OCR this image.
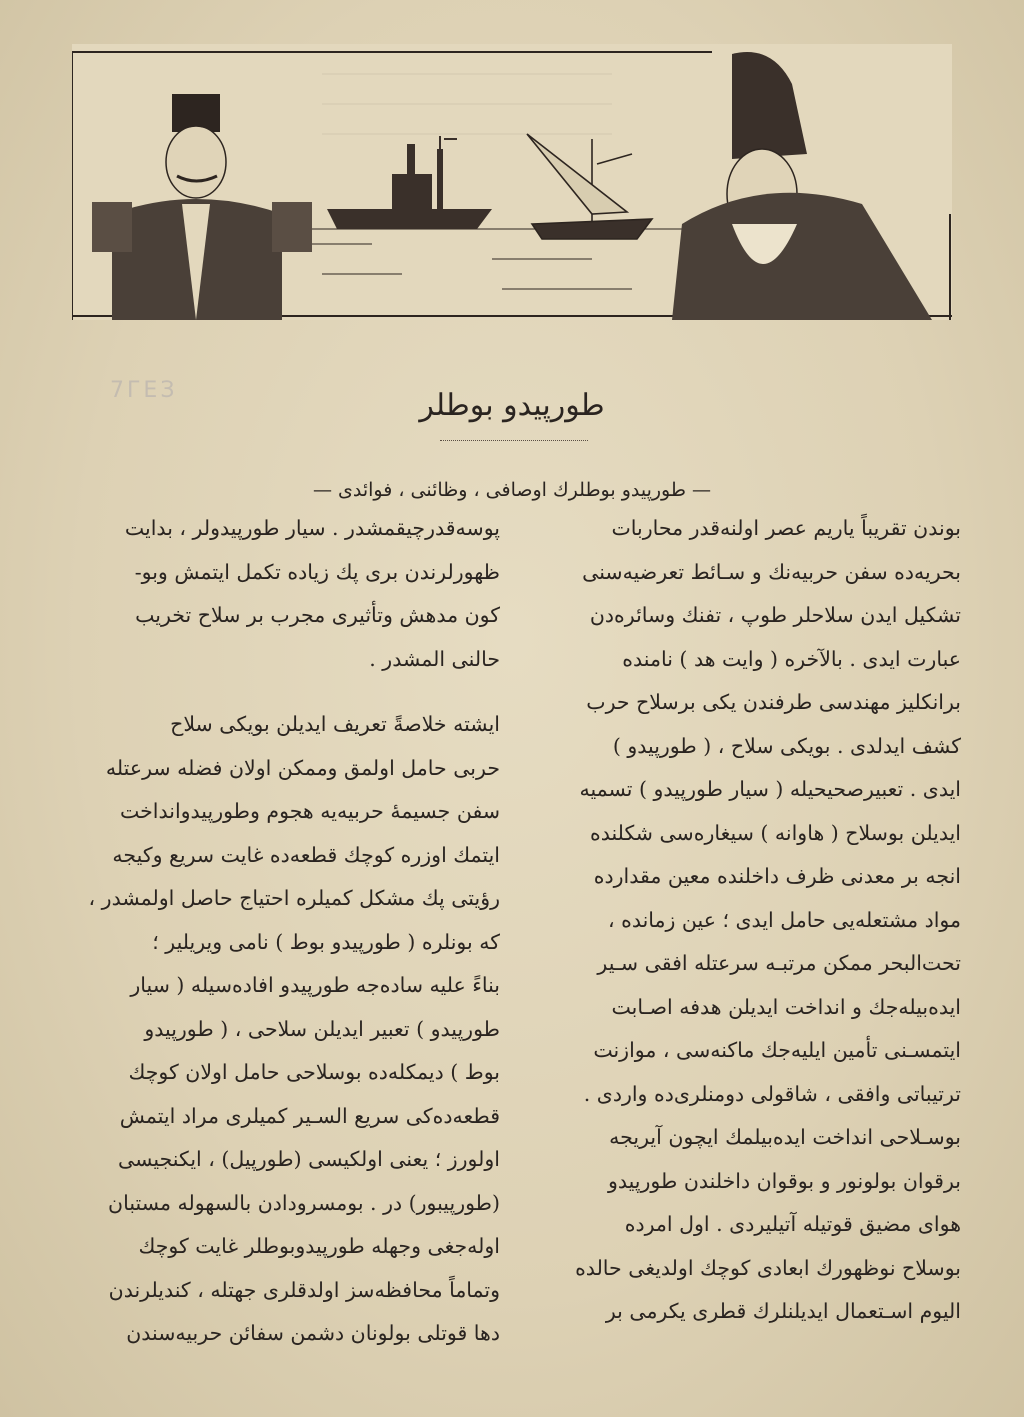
7ГЕЗ	طورپیدو بوطلر
— طورپیدو بوطلرك اوصافی ، وظائنی ، فوائدی —
بوندن تقریباً یاریم عصر اولنه‌قدر محاربات
بحریه‌ده سفن حربیه‌نك و سـائط تعرضیه‌سنی
تشكیل ایدن سلاحلر طوپ ، تفنك وسائره‌دن
عبارت ایدی . بالآخره ( وایت هد ) نامنده
برانكلیز مهندسی طرفندن یكی برسلاح حرب
كشف ایدلدی . بویكی سلاح ، ( طورپیدو )
ایدی . تعبیرصحیحیله ( سیار طورپیدو ) تسمیه
ایدیلن بوسلاح ( هاوانه ) سیغاره‌سی شكلنده
انجه بر معدنی ظرف داخلنده معین مقدارده
مواد مشتعله‌یی حامل ایدی ؛ عین زمانده ،
تحت‌البحر ممكن مرتبـه سرعتله افقی سـیر
ایده‌بیله‌جك و انداخت ایدیلن هدفه اصـابت
ایتمسـنی تأمین ایلیه‌جك ماكنه‌سی ، موازنت
ترتیباتی وافقی ، شاقولی دومنلری‌ده واردی .
بوسـلاحی انداخت ایده‌بیلمك ایچون آیریجه
برقوان بولونور و بوقوان داخلندن طورپیدو
هوای مضیق قوتیله آتیلیردی . اول امرده
بوسلاح نوظهورك ابعادی كوچك اولدیغی حالده
الیوم اسـتعمال ایدیلنلرك قطری یكرمی بر
پوسه‌قدرچیقمشدر . سیار طورپیدولر ، بدایت
ظهورلرندن بری پك زیاده تكمل ایتمش وبو-
كون مدهش وتأثیری مجرب بر سلاح تخریب
حالنی المشدر .
ایشته خلاصةً تعریف ایدیلن بویكی سلاح
حربی حامل اولمق وممكن اولان فضله سرعتله
سفن جسیمهٔ حربیه‌یه هجوم وطورپیدواندا‌خت
ایتمك اوزره كوچك قطعه‌ده غایت سریع وكیجه
رؤیتی پك مشكل كمیلره احتیاج حاصل اولمشدر ،
كه بونلره ( طورپیدو بوط ) نامی ویریلیر ؛
بناءً علیه ساده‌جه طورپیدو افاده‌سیله ( سیار
طورپیدو ) تعبیر ایدیلن سلاحی ، ( طورپیدو
بوط ) دیمكله‌ده بوسلاحی حامل اولان كوچك
قطعه‌ده‌كی سریع السـیر كمیلری مراد ایتمش
اولورز ؛ یعنی اولكیسی (طورپیل) ، ایكنجیسی
(طورپیبور) در . بومسرودادن بالسهوله مستبان
اوله‌جغی وجهله طورپیدوبوطلر غایت كوچك
وتماماً محافظه‌سز اولدقلری جهتله ، كندیلرندن
دها قوتلی بولونان دشمن سفائن حربیه‌سندن
